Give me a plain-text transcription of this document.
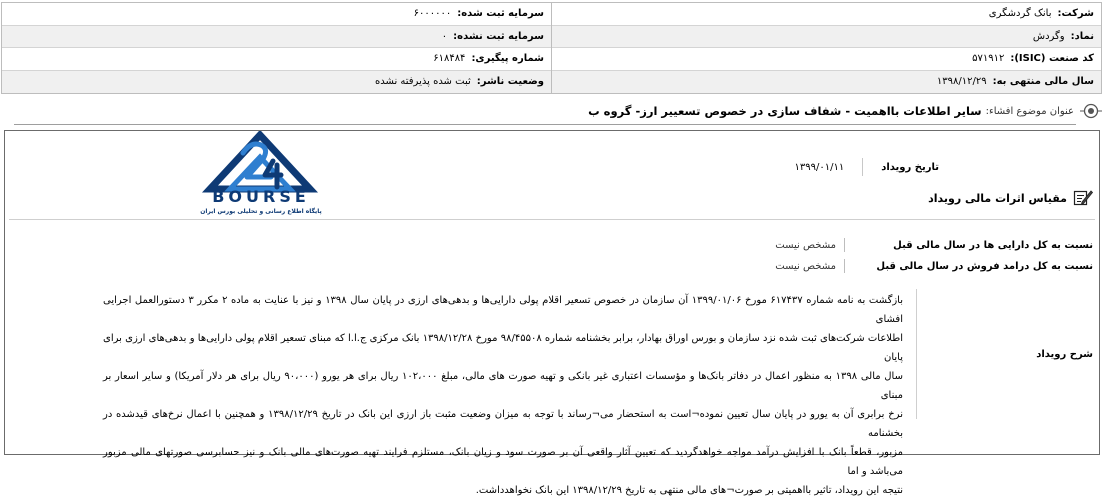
شرکت:
بانک گردشگری
نماد:
وگردش
کد صنعت (ISIC):
۵۷۱۹۱۲
سال مالی منتهی به:
۱۳۹۸/۱۲/۲۹
سرمایه ثبت شده:
۶۰۰۰۰۰۰
سرمایه ثبت نشده:
۰
شماره پیگیری:
۶۱۸۴۸۴
وضعیت ناشر:
ثبت شده پذیرفته نشده
عنوان موضوع افشاء:
سایر اطلاعات بااهمیت - شفاف سازی در خصوص تسعییر ارز- گروه ب
BOURSE
پایگاه اطلاع رسانی و تحلیلی بورس ایران
تاریخ رویداد
۱۳۹۹/۰۱/۱۱
مقیاس اثرات مالی رویداد
نسبت به کل دارایی ها در سال مالی قبل
مشخص نیست
نسبت به کل درامد فروش در سال مالی قبل
مشخص نیست
شرح رویداد

بازگشت به نامه شماره ۶۱۷۴۳۷ مورخ ۱۳۹۹/۰۱/۰۶ آن سازمان در خصوص تسعیر اقلام پولی دارایی‌ها و بدهی‌های ارزی در پایان سال ۱۳۹۸ و نیز با عنایت به ماده ۲ مکرر ۳ دستورالعمل اجرایی افشای

اطلاعات شرکت‌های ثبت شده نزد سازمان و بورس اوراق بهادار، برابر بخشنامه شماره ۹۸/۴۵۵۰۸ مورخ ۱۳۹۸/۱۲/۲۸ بانک مرکزی ج.ا.ا که مبنای تسعیر اقلام پولی دارایی‌ها و بدهی‌های ارزی برای پایان

سال مالی ۱۳۹۸ به منظور اعمال در دفاتر بانک‌ها و مؤسسات اعتباری غیر بانکی و تهیه صورت های مالی، مبلغ ۱۰۲،۰۰۰ ریال برای هر یورو (۹۰،۰۰۰ ریال برای هر دلار آمریکا) و سایر اسعار بر مبنای

نرخ برابری آن به یورو در پایان سال تعیین نموده¬است به استحضار می¬رساند با توجه به میزان وضعیت مثبت باز ارزی این بانک در تاریخ ۱۳۹۸/۱۲/۲۹ و همچنین با اعمال نرخ‌های قیدشده در بخشنامه

مزبور، قطعاً بانک با افزایش درآمد مواجه خواهدگردید که تعیین آثار واقعی آن بر صورت سود و زیان بانک، مستلزم فرایند تهیه صورت‌های مالی بانک و نیز حسابرسی صورتهای مالی مزبور می‌باشد و اما

نتیجه این رویداد، تاثیر بااهمیتی بر صورت¬های مالی منتهی به تاریخ ۱۳۹۸/۱۲/۲۹ این بانک نخواهدداشت.
